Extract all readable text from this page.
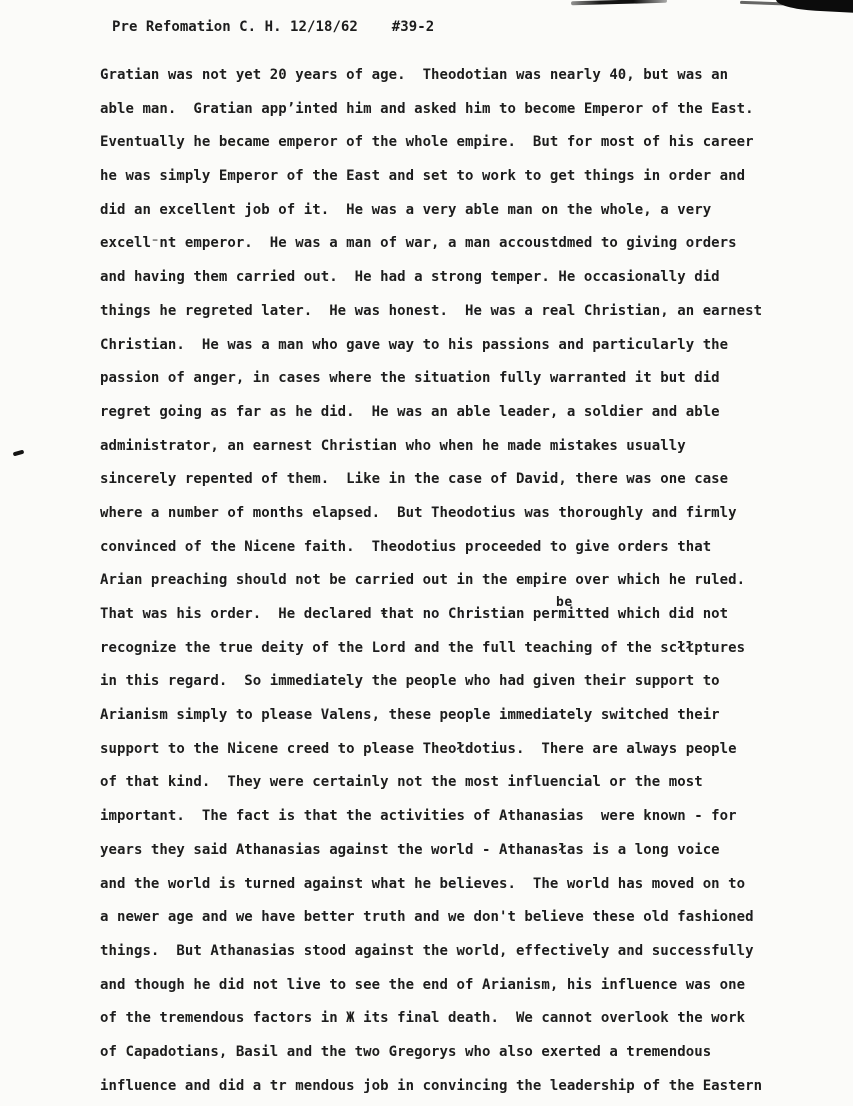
Pre Refomation C. H. 12/18/62    #39-2
Gratian was not yet 20 years of age.  Theodotian was nearly 40, but was an
able man.  Gratian app’inted him and asked him to become Emperor of the East.
Eventually he became emperor of the whole empire.  But for most of his career
he was simply Emperor of the East and set to work to get things in order and
did an excellent job of it.  He was a very able man on the whole, a very
excell⁻nt emperor.  He was a man of war, a man accoustdmed to giving orders
and having them carried out.  He had a strong temper. He occasionally did
things he regreted later.  He was honest.  He was a real Christian, an earnest
Christian.  He was a man who gave way to his passions and particularly the
passion of anger, in cases where the situation fully warranted it but did
regret going as far as he did.  He was an able leader, a soldier and able
administrator, an earnest Christian who when he made mistakes usually
sincerely repented of them.  Like in the case of David, there was one case
where a number of months elapsed.  But Theodotius was thoroughly and firmly
convinced of the Nicene faith.  Theodotius proceeded to give orders that
Arian preaching should not be carried out in the empire over which he ruled.
That was his order.  He declared ŧhat no Christian permitted which did not
recognize the true deity of the Lord and the full teaching of the scłłptures
in this regard.  So immediately the people who had given their support to
Arianism simply to please Valens, these people immediately switched their
support to the Nicene creed to please Theołdotius.  There are always people
of that kind.  They were certainly not the most influencial or the most
important.  The fact is that the activities of Athanasias  were known - for
years they said Athanasias against the world - Athanasłas is a long voice
and the world is turned against what he believes.  The world has moved on to
a newer age and we have better truth and we don't believe these old fashioned
things.  But Athanasias stood against the world, effectively and successfully
and though he did not live to see the end of Arianism, his influence was one
of the tremendous factors in Ж its final death.  We cannot overlook the work
of Capadotians, Basil and the two Gregorys who also exerted a tremendous
influence and did a tr mendous job in convincing the leadership of the Eastern
be
